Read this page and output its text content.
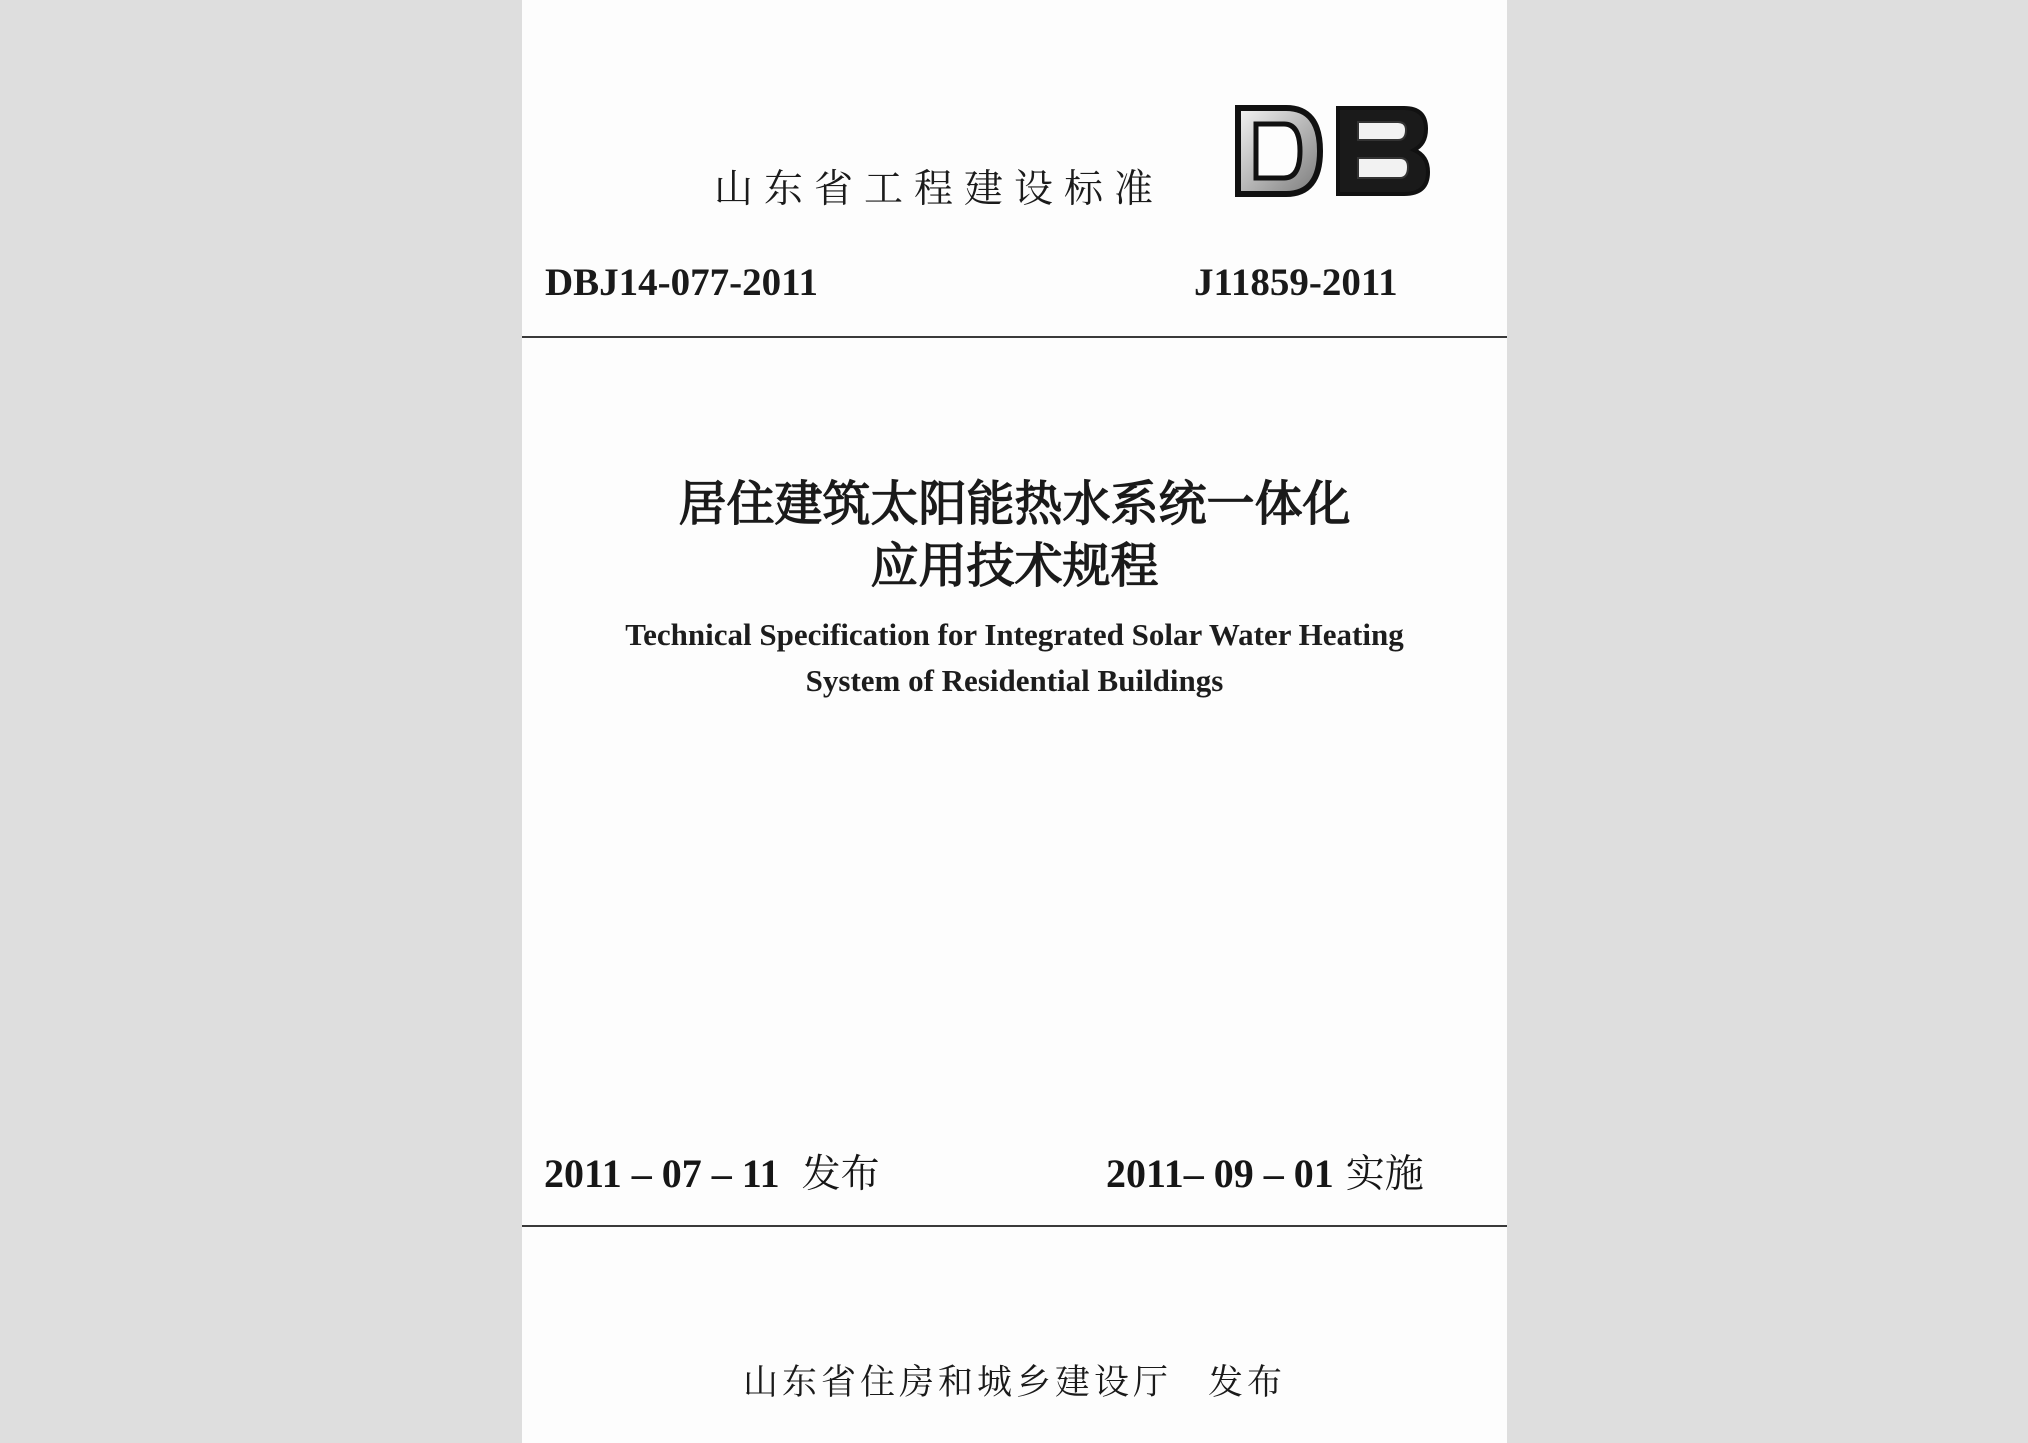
山东省工程建设标准
DBJ14-077-2011	J11859-2011
居住建筑太阳能热水系统一体化
应用技术规程
Technical Specification for Integrated Solar Water Heating
System of Residential Buildings
2011 – 07 – 11 发布	2011– 09 – 01 实施
山东省住房和城乡建设厅 发布
